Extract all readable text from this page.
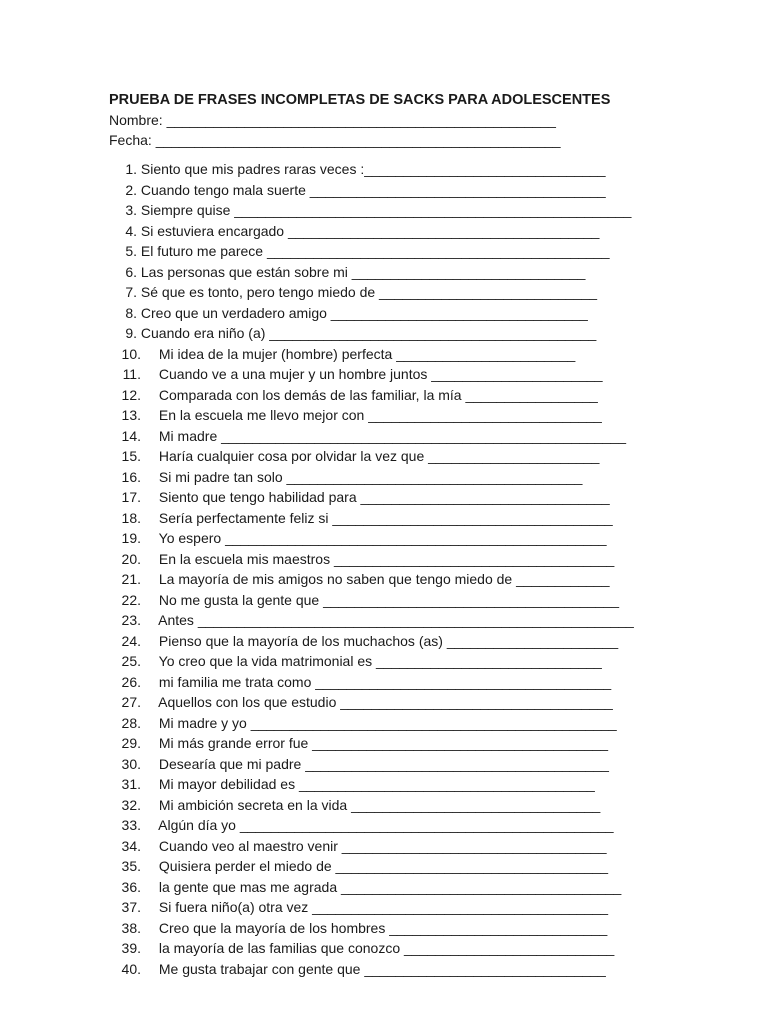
PRUEBA DE FRASES INCOMPLETAS DE SACKS PARA ADOLESCENTES
Nombre: __________________________________________________
Fecha: ____________________________________________________
1. Siento que mis padres raras veces :_______________________________
2. Cuando tengo mala suerte ______________________________________
3. Siempre quise ___________________________________________________
4. Si estuviera encargado ________________________________________
5. El futuro me parece ____________________________________________
6. Las personas que están sobre mi ______________________________
7. Sé que es tonto, pero tengo miedo de ____________________________
8. Creo que un verdadero amigo _________________________________
9. Cuando era niño (a) __________________________________________
10. Mi idea de la mujer (hombre) perfecta _______________________
11. Cuando ve a una mujer y un hombre juntos ______________________
12. Comparada con los demás de las familiar, la mía _________________
13. En la escuela me llevo mejor con ______________________________
14. Mi madre ____________________________________________________
15. Haría cualquier cosa por olvidar la vez que ______________________
16. Si mi padre tan solo ______________________________________
17. Siento que tengo habilidad para ________________________________
18. Sería perfectamente feliz si ____________________________________
19. Yo espero _________________________________________________
20. En la escuela mis maestros ____________________________________
21. La mayoría de mis amigos no saben que tengo miedo de ____________
22. No me gusta la gente que ______________________________________
23. Antes ________________________________________________________
24. Pienso que la mayoría de los muchachos (as) ______________________
25. Yo creo que la vida matrimonial es _____________________________
26. mi familia me trata como ______________________________________
27. Aquellos con los que estudio ___________________________________
28. Mi madre y yo _______________________________________________
29. Mi más grande error fue ______________________________________
30. Desearía que mi padre _______________________________________
31. Mi mayor debilidad es ______________________________________
32. Mi ambición secreta en la vida ________________________________
33. Algún día yo ________________________________________________
34. Cuando veo al maestro venir __________________________________
35. Quisiera perder el miedo de ___________________________________
36. la gente que mas me agrada ____________________________________
37. Si fuera niño(a) otra vez ______________________________________
38. Creo que la mayoría de los hombres ____________________________
39. la mayoría de las familias que conozco ___________________________
40. Me gusta trabajar con gente que _______________________________
